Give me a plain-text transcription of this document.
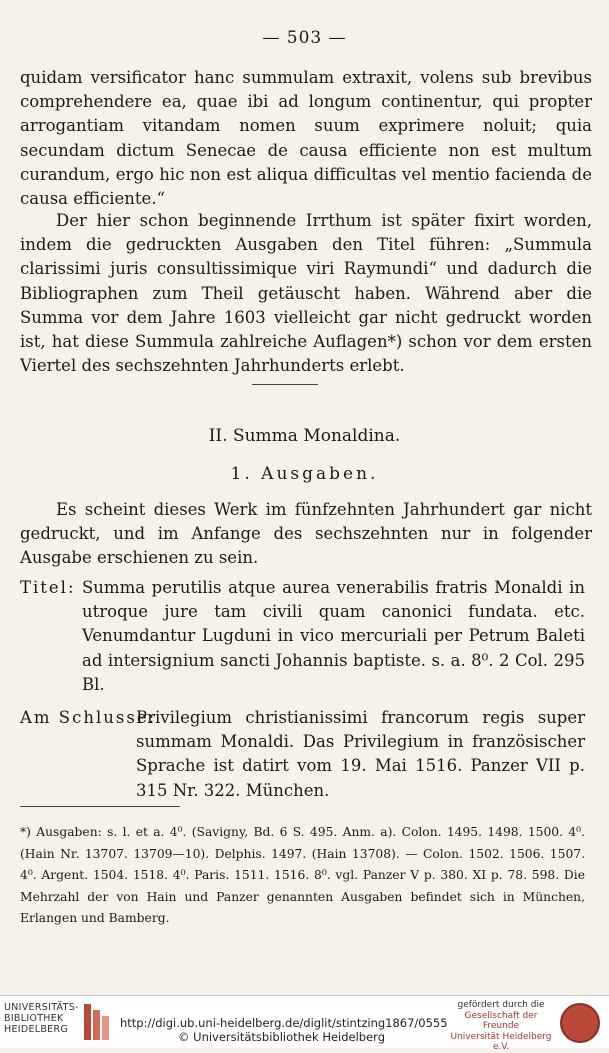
— 503 —

quidam versificator hanc summulam extraxit, volens sub brevibus comprehendere ea, quae ibi ad longum continentur, qui propter arrogantiam vitandam nomen suum exprimere noluit; quia secundam dictum Senecae de causa efficiente non est multum curandum, ergo hic non est aliqua difficultas vel mentio facienda de causa efficiente.“

Der hier schon beginnende Irrthum ist später fixirt worden, indem die gedruckten Ausgaben den Titel führen: „Summula clarissimi juris consultissimique viri Raymundi“ und dadurch die Bibliographen zum Theil getäuscht haben. Während aber die Summa vor dem Jahre 1603 vielleicht gar nicht gedruckt worden ist, hat diese Summula zahlreiche Auflagen*) schon vor dem ersten Viertel des sechszehnten Jahrhunderts erlebt.

II. Summa Monaldina.
1. Ausgaben.

Es scheint dieses Werk im fünfzehnten Jahrhundert gar nicht gedruckt, und im Anfange des sechszehnten nur in folgender Ausgabe erschienen zu sein.

Titel: Summa perutilis atque aurea venerabilis fratris Monaldi in utroque jure tam civili quam canonici fundata. etc. Venumdantur Lugduni in vico mercuriali per Petrum Baleti ad intersignium sancti Johannis baptiste. s. a. 8⁰. 2 Col. 295 Bl.

Am Schlusse:

Privilegium christianissimi francorum regis super summam Monaldi. Das Privilegium in französischer Sprache ist datirt vom 19. Mai 1516. Panzer VII p. 315 Nr. 322. München.

*) Ausgaben: s. l. et a. 4⁰. (Savigny, Bd. 6 S. 495. Anm. a). Colon. 1495. 1498. 1500. 4⁰. (Hain Nr. 13707. 13709—10). Delphis. 1497. (Hain 13708). — Colon. 1502. 1506. 1507. 4⁰. Argent. 1504. 1518. 4⁰. Paris. 1511. 1516. 8⁰. vgl. Panzer V p. 380. XI p. 78. 598. Die Mehrzahl der von Hain und Panzer genannten Ausgaben befindet sich in München, Erlangen und Bamberg.
UNIVERSITÄTS-
BIBLIOTHEK
HEIDELBERG	http://digi.ub.uni-heidelberg.de/diglit/stintzing1867/0555
© Universitätsbibliothek Heidelberg
gefördert durch die
Gesellschaft der Freunde
Universität Heidelberg e.V.
